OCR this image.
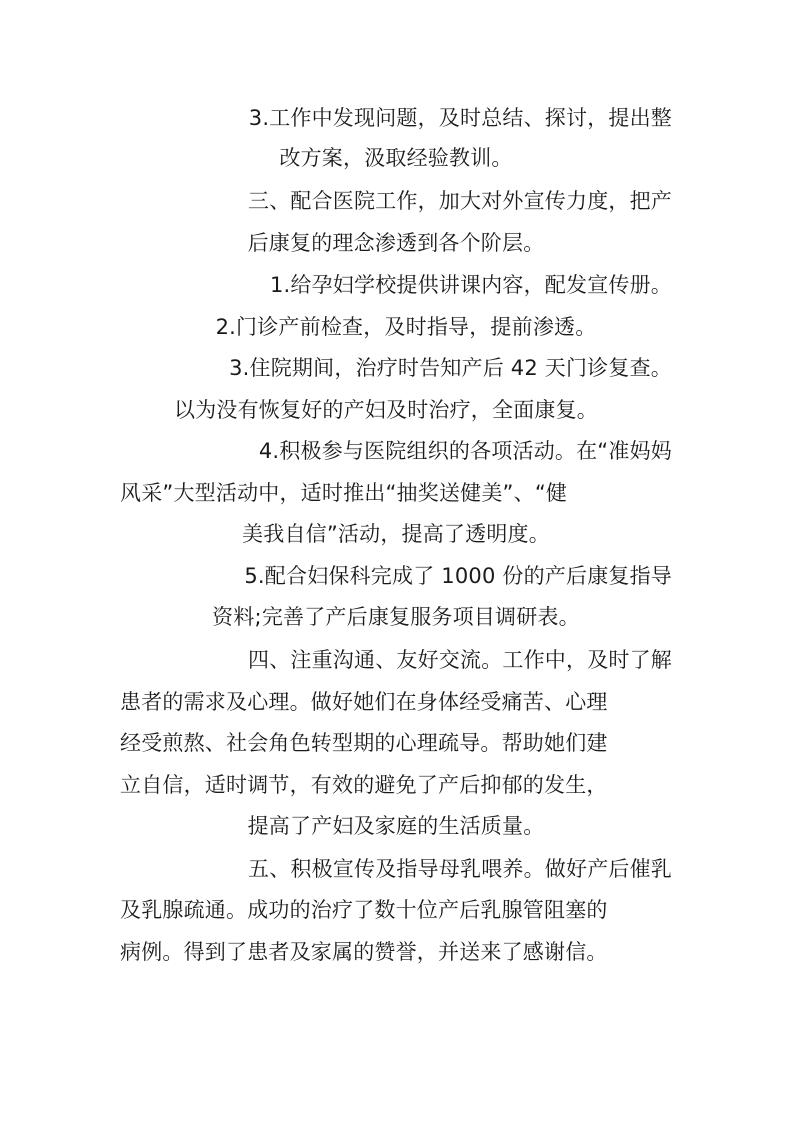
3.工作中发现问题，及时总结、探讨，提出整
改方案，汲取经验教训。
三、配合医院工作，加大对外宣传力度，把产
后康复的理念渗透到各个阶层。
1.给孕妇学校提供讲课内容，配发宣传册。
2.门诊产前检查，及时指导，提前渗透。
3.住院期间，治疗时告知产后 42 天门诊复查。
以为没有恢复好的产妇及时治疗，全面康复。
4.积极参与医院组织的各项活动。在“准妈妈
风采”大型活动中，适时推出“抽奖送健美”、“健
美我自信”活动，提高了透明度。
5.配合妇保科完成了 1000 份的产后康复指导
资料;完善了产后康复服务项目调研表。
四、注重沟通、友好交流。工作中，及时了解
患者的需求及心理。做好她们在身体经受痛苦、心理
经受煎熬、社会角色转型期的心理疏导。帮助她们建
立自信，适时调节，有效的避免了产后抑郁的发生，
提高了产妇及家庭的生活质量。
五、积极宣传及指导母乳喂养。做好产后催乳
及乳腺疏通。成功的治疗了数十位产后乳腺管阻塞的
病例。得到了患者及家属的赞誉，并送来了感谢信。
